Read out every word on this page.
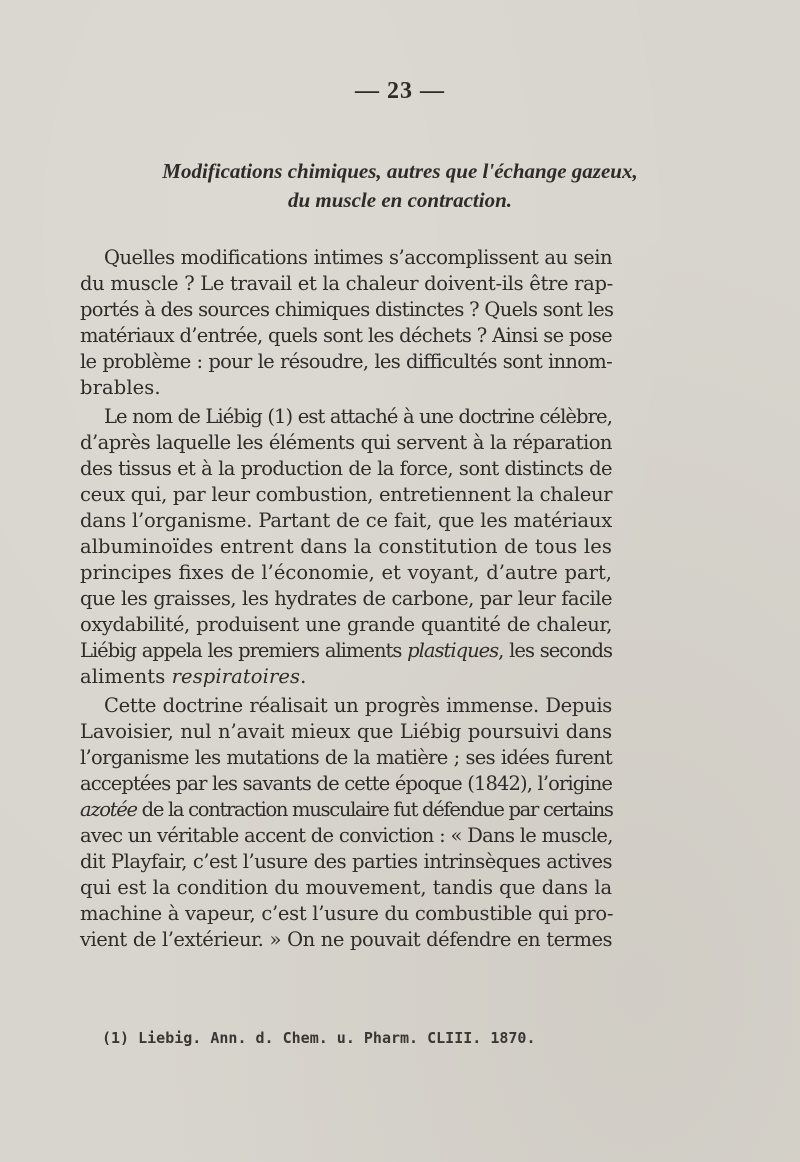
— 23 —
Modifications chimiques, autres que l'échange gazeux,
du muscle en contraction.
Quelles modifications intimes s’accomplissent au sein
du muscle ? Le travail et la chaleur doivent-ils être rap-
portés à des sources chimiques distinctes ? Quels sont les
matériaux d’entrée, quels sont les déchets ? Ainsi se pose
le problème : pour le résoudre, les difficultés sont innom-
brables.
Le nom de Liébig (1) est attaché à une doctrine célèbre,
d’après laquelle les éléments qui servent à la réparation
des tissus et à la production de la force, sont distincts de
ceux qui, par leur combustion, entretiennent la chaleur
dans l’organisme. Partant de ce fait, que les matériaux
albuminoïdes entrent dans la constitution de tous les
principes fixes de l’économie, et voyant, d’autre part,
que les graisses, les hydrates de carbone, par leur facile
oxydabilité, produisent une grande quantité de chaleur,
Liébig appela les premiers aliments plastiques, les seconds
aliments respiratoires.
Cette doctrine réalisait un progrès immense. Depuis
Lavoisier, nul n’avait mieux que Liébig poursuivi dans
l’organisme les mutations de la matière ; ses idées furent
acceptées par les savants de cette époque (1842), l’origine
azotée de la contraction musculaire fut défendue par certains
avec un véritable accent de conviction : « Dans le muscle,
dit Playfair, c’est l’usure des parties intrinsèques actives
qui est la condition du mouvement, tandis que dans la
machine à vapeur, c’est l’usure du combustible qui pro-
vient de l’extérieur. » On ne pouvait défendre en termes
(1) Liebig. Ann. d. Chem. u. Pharm. CLIII. 1870.
